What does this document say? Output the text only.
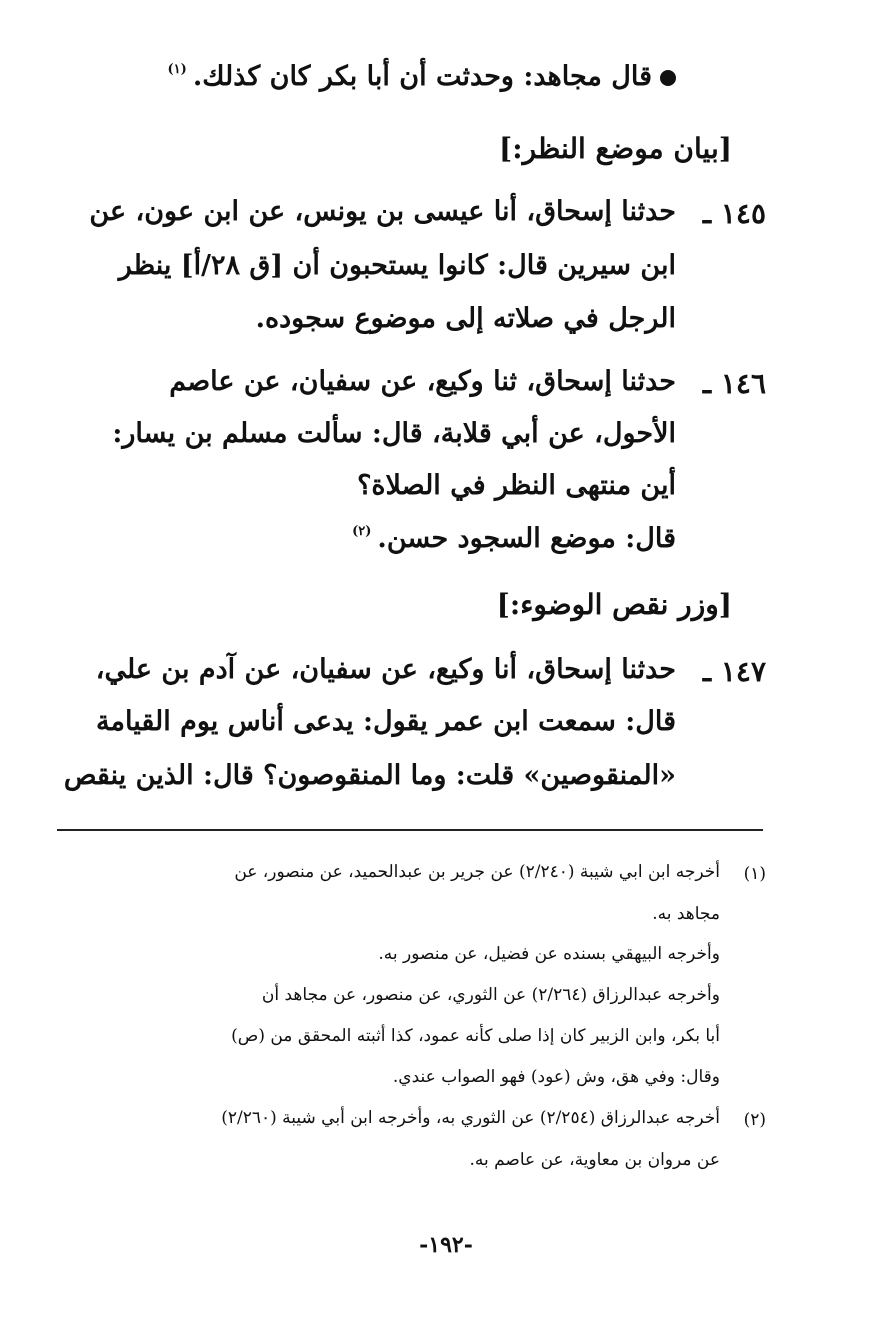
قال مجاهد: وحدثت أن أبا بكر كان كذلك.$^{(١)}$
[بيان موضع النظر:]
١٤٥ ـ
حدثنا إسحاق، أنا عيسى بن يونس، عن ابن عون، عن
ابن سيرين قال: كانوا يستحبون أن [ق ٢٨/أ] ينظر
الرجل في صلاته إلى موضوع سجوده.
١٤٦ ـ
حدثنا إسحاق، ثنا وكيع، عن سفيان، عن عاصم
الأحول، عن أبي قلابة، قال: سألت مسلم بن يسار:
أين منتهى النظر في الصلاة؟
قال: موضع السجود حسن.$^{(٢)}$
[وزر نقص الوضوء:]
١٤٧ ـ
حدثنا إسحاق، أنا وكيع، عن سفيان، عن آدم بن علي،
قال: سمعت ابن عمر يقول: يدعى أناس يوم القيامة
«المنقوصين» قلت: وما المنقوصون؟ قال: الذين ينقص
(١)
أخرجه ابن ابي شيبة (٢/٢٤٠) عن جرير بن عبدالحميد، عن منصور، عن
مجاهد به.
وأخرجه البيهقي بسنده عن فضيل، عن منصور به.
وأخرجه عبدالرزاق (٢/٢٦٤) عن الثوري، عن منصور، عن مجاهد أن
أبا بكر، وابن الزبير كان إذا صلى كأنه عمود، كذا أثبته المحقق من (ص)
وقال: وفي هق، وش (عود) فهو الصواب عندي.
(٢)
أخرجه عبدالرزاق (٢/٢٥٤) عن الثوري به، وأخرجه ابن أبي شيبة (٢/٢٦٠)
عن مروان بن معاوية، عن عاصم به.
-١٩٢-
